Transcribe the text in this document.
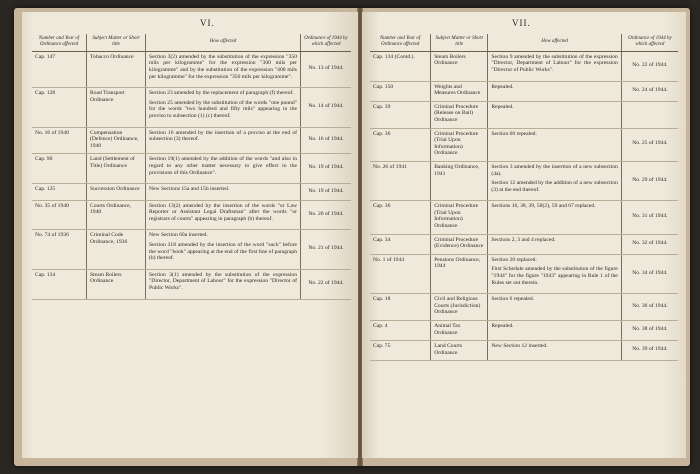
VI.
Number and Year of Ordinance affected	Subject Matter or Short title	How affected	Ordinance of 1944 by which affected
Cap. 147	Tobacco Ordinance	Section 3(2) amended by the substitution of the expression "350 mils per kilogramme" for the expression "300 mils per kilogramme" and by the substitution of the expression "400 mils per kilogramme" for the expression "350 mils per kilogramme".	No. 13 of 1944.
Cap. 128	Road Transport Ordinance	Section 23 amended by the replacement of paragraph (f) thereof.
Section 25 amended by the substitution of the words "one pound" for the words "two hundred and fifty mils" appearing in the proviso to subsection (1) (c) thereof.	No. 14 of 1944.
No. 16 of 1940	Compensation (Defence) Ordinance, 1940	Section 16 amended by the insertion of a proviso at the end of subsection (3) thereof.	No. 16 of 1944.
Cap. 90	Land (Settlement of Title) Ordinance	Section 19(1) amended by the addition of the words "and also in regard to any other matter necessary to give effect to the provisions of this Ordinance".	No. 19 of 1944.
Cap. 125	Succession Ordinance	New Sections 15a and 15b inserted.	No. 19 of 1944.
No. 35 of 1940	Courts Ordinance, 1940	Section 13(2) amended by the insertion of the words "or Law Reporter or Assistant Legal Draftsman" after the words "or registrars of courts" appearing in paragraph (b) thereof.	No. 20 of 1944.
No. 74 of 1936	Criminal Code Ordinance, 1936	New Section 60a inserted.
Section 318 amended by the insertion of the word "such" before the word "book" appearing at the end of the first line of paragraph (b) thereof.	No. 21 of 1944.
Cap. 134	Steam Boilers Ordinance	Section 3(1) amended by the substitution of the expression "Director, Department of Labour" for the expression "Director of Public Works".	No. 22 of 1944.
VII.
Number and Year of Ordinance affected	Subject Matter or Short title	How affected	Ordinance of 1944 by which affected
Cap. 134 (Contd.).	Steam Boilers Ordinance	Section 9 amended by the substitution of the expression "Director, Department of Labour" for the expression "Director of Public Works".	No. 22 of 1944.
Cap. 150	Weights and Measures Ordinance	Repealed.	No. 24 of 1944.
Cap. 39	Criminal Procedure (Release on Bail) Ordinance	Repealed.	

Cap. 36	Criminal Procedure (Trial Upon Information) Ordinance	Section 60 repealed.	No. 25 of 1944.
No. 26 of 1941	Banking Ordinance, 1941	Section 3 amended by the insertion of a new subsection (4a).
Section 12 amended by the addition of a new subsection (3) at the end thereof.	No. 29 of 1944.
Cap. 36	Criminal Procedure (Trial Upon Information) Ordinance	Sections 16, 38, 39, 50(2), 59 and 67 replaced.	No. 31 of 1944.
Cap. 34	Criminal Procedure (Evidence) Ordinance	Sections 2, 3 and 4 replaced.	No. 32 of 1944.
No. 1 of 1944	Pensions Ordinance, 1944	Section 20 replaced.
First Schedule amended by the substitution of the figure "1944" for the figure "1943" appearing in Rule 1 of the Rules set out therein.	No. 34 of 1944.
Cap. 18	Civil and Religious Courts (Jurisdiction) Ordinance	Section 6 repealed.	No. 36 of 1944.
Cap. 4	Animal Tax Ordinance	Repealed.	No. 38 of 1944.
Cap. 75	Land Courts Ordinance	New Section 12 inserted.	No. 39 of 1944.
